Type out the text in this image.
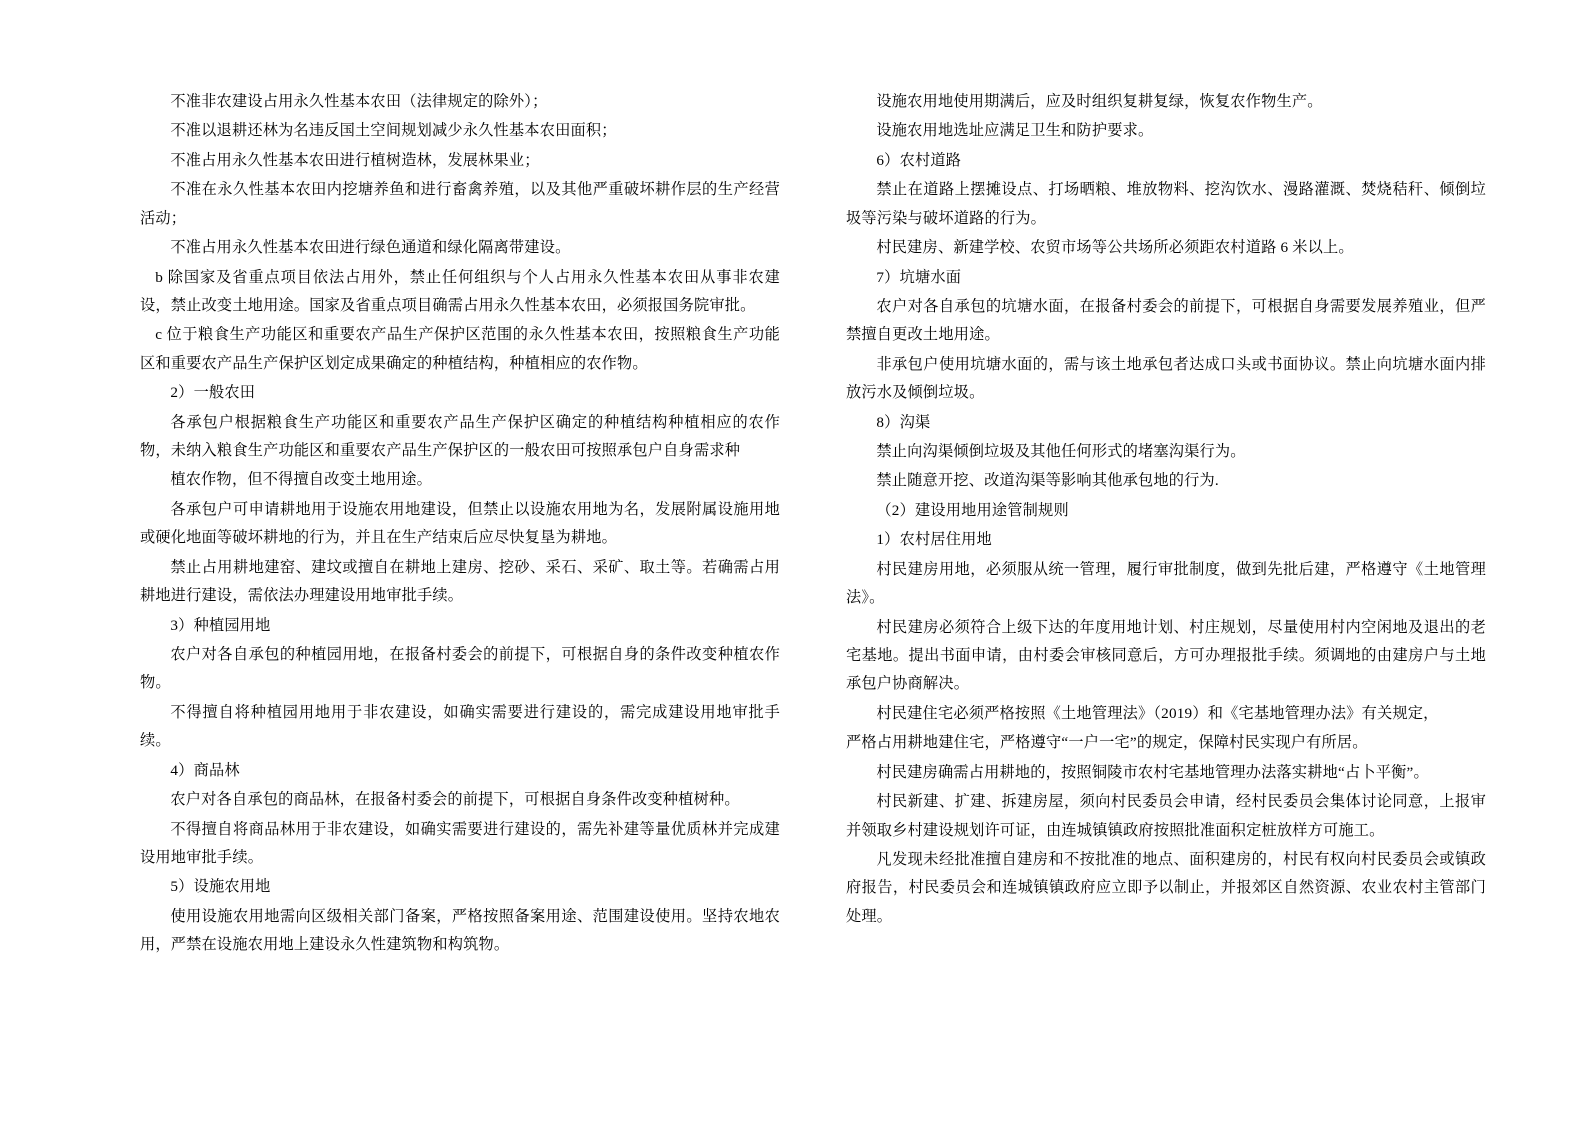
不准非农建设占用永久性基本农田（法律规定的除外）；

不准以退耕还林为名违反国土空间规划减少永久性基本农田面积；

不准占用永久性基本农田进行植树造林，发展林果业；

不准在永久性基本农田内挖塘养鱼和进行畜禽养殖，以及其他严重破坏耕作层的生产经营活动；

不准占用永久性基本农田进行绿色通道和绿化隔离带建设。

b 除国家及省重点项目依法占用外，禁止任何组织与个人占用永久性基本农田从事非农建设，禁止改变土地用途。国家及省重点项目确需占用永久性基本农田，必须报国务院审批。

c 位于粮食生产功能区和重要农产品生产保护区范围的永久性基本农田，按照粮食生产功能区和重要农产品生产保护区划定成果确定的种植结构，种植相应的农作物。

2）一般农田

各承包户根据粮食生产功能区和重要农产品生产保护区确定的种植结构种植相应的农作物，未纳入粮食生产功能区和重要农产品生产保护区的一般农田可按照承包户自身需求种

植农作物，但不得擅自改变土地用途。

各承包户可申请耕地用于设施农用地建设，但禁止以设施农用地为名，发展附属设施用地或硬化地面等破坏耕地的行为，并且在生产结束后应尽快复垦为耕地。

禁止占用耕地建窑、建坟或擅自在耕地上建房、挖砂、采石、采矿、取土等。若确需占用耕地进行建设，需依法办理建设用地审批手续。

3）种植园用地

农户对各自承包的种植园用地，在报备村委会的前提下，可根据自身的条件改变种植农作物。

不得擅自将种植园用地用于非农建设，如确实需要进行建设的，需完成建设用地审批手续。

4）商品林

农户对各自承包的商品林，在报备村委会的前提下，可根据自身条件改变种植树种。

不得擅自将商品林用于非农建设，如确实需要进行建设的，需先补建等量优质林并完成建设用地审批手续。

5）设施农用地

使用设施农用地需向区级相关部门备案，严格按照备案用途、范围建设使用。坚持农地农用，严禁在设施农用地上建设永久性建筑物和构筑物。

设施农用地使用期满后，应及时组织复耕复绿，恢复农作物生产。

设施农用地选址应满足卫生和防护要求。

6）农村道路

禁止在道路上摆摊设点、打场晒粮、堆放物料、挖沟饮水、漫路灌溉、焚烧秸秆、倾倒垃圾等污染与破坏道路的行为。

村民建房、新建学校、农贸市场等公共场所必须距农村道路 6 米以上。

7）坑塘水面

农户对各自承包的坑塘水面，在报备村委会的前提下，可根据自身需要发展养殖业，但严禁擅自更改土地用途。

非承包户使用坑塘水面的，需与该土地承包者达成口头或书面协议。禁止向坑塘水面内排放污水及倾倒垃圾。

8）沟渠

禁止向沟渠倾倒垃圾及其他任何形式的堵塞沟渠行为。

禁止随意开挖、改道沟渠等影响其他承包地的行为.

（2）建设用地用途管制规则

1）农村居住用地

村民建房用地，必须服从统一管理，履行审批制度，做到先批后建，严格遵守《土地管理法》。

村民建房必须符合上级下达的年度用地计划、村庄规划，尽量使用村内空闲地及退出的老宅基地。提出书面申请，由村委会审核同意后，方可办理报批手续。须调地的由建房户与土地承包户协商解决。

村民建住宅必须严格按照《土地管理法》（2019）和《宅基地管理办法》有关规定，

严格占用耕地建住宅，严格遵守“一户一宅”的规定，保障村民实现户有所居。

村民建房确需占用耕地的，按照铜陵市农村宅基地管理办法落实耕地“占卜平衡”。

村民新建、扩建、拆建房屋，须向村民委员会申请，经村民委员会集体讨论同意，上报审并领取乡村建设规划许可证，由连城镇镇政府按照批准面积定桩放样方可施工。

凡发现未经批准擅自建房和不按批准的地点、面积建房的，村民有权向村民委员会或镇政府报告，村民委员会和连城镇镇政府应立即予以制止，并报郊区自然资源、农业农村主管部门处理。
